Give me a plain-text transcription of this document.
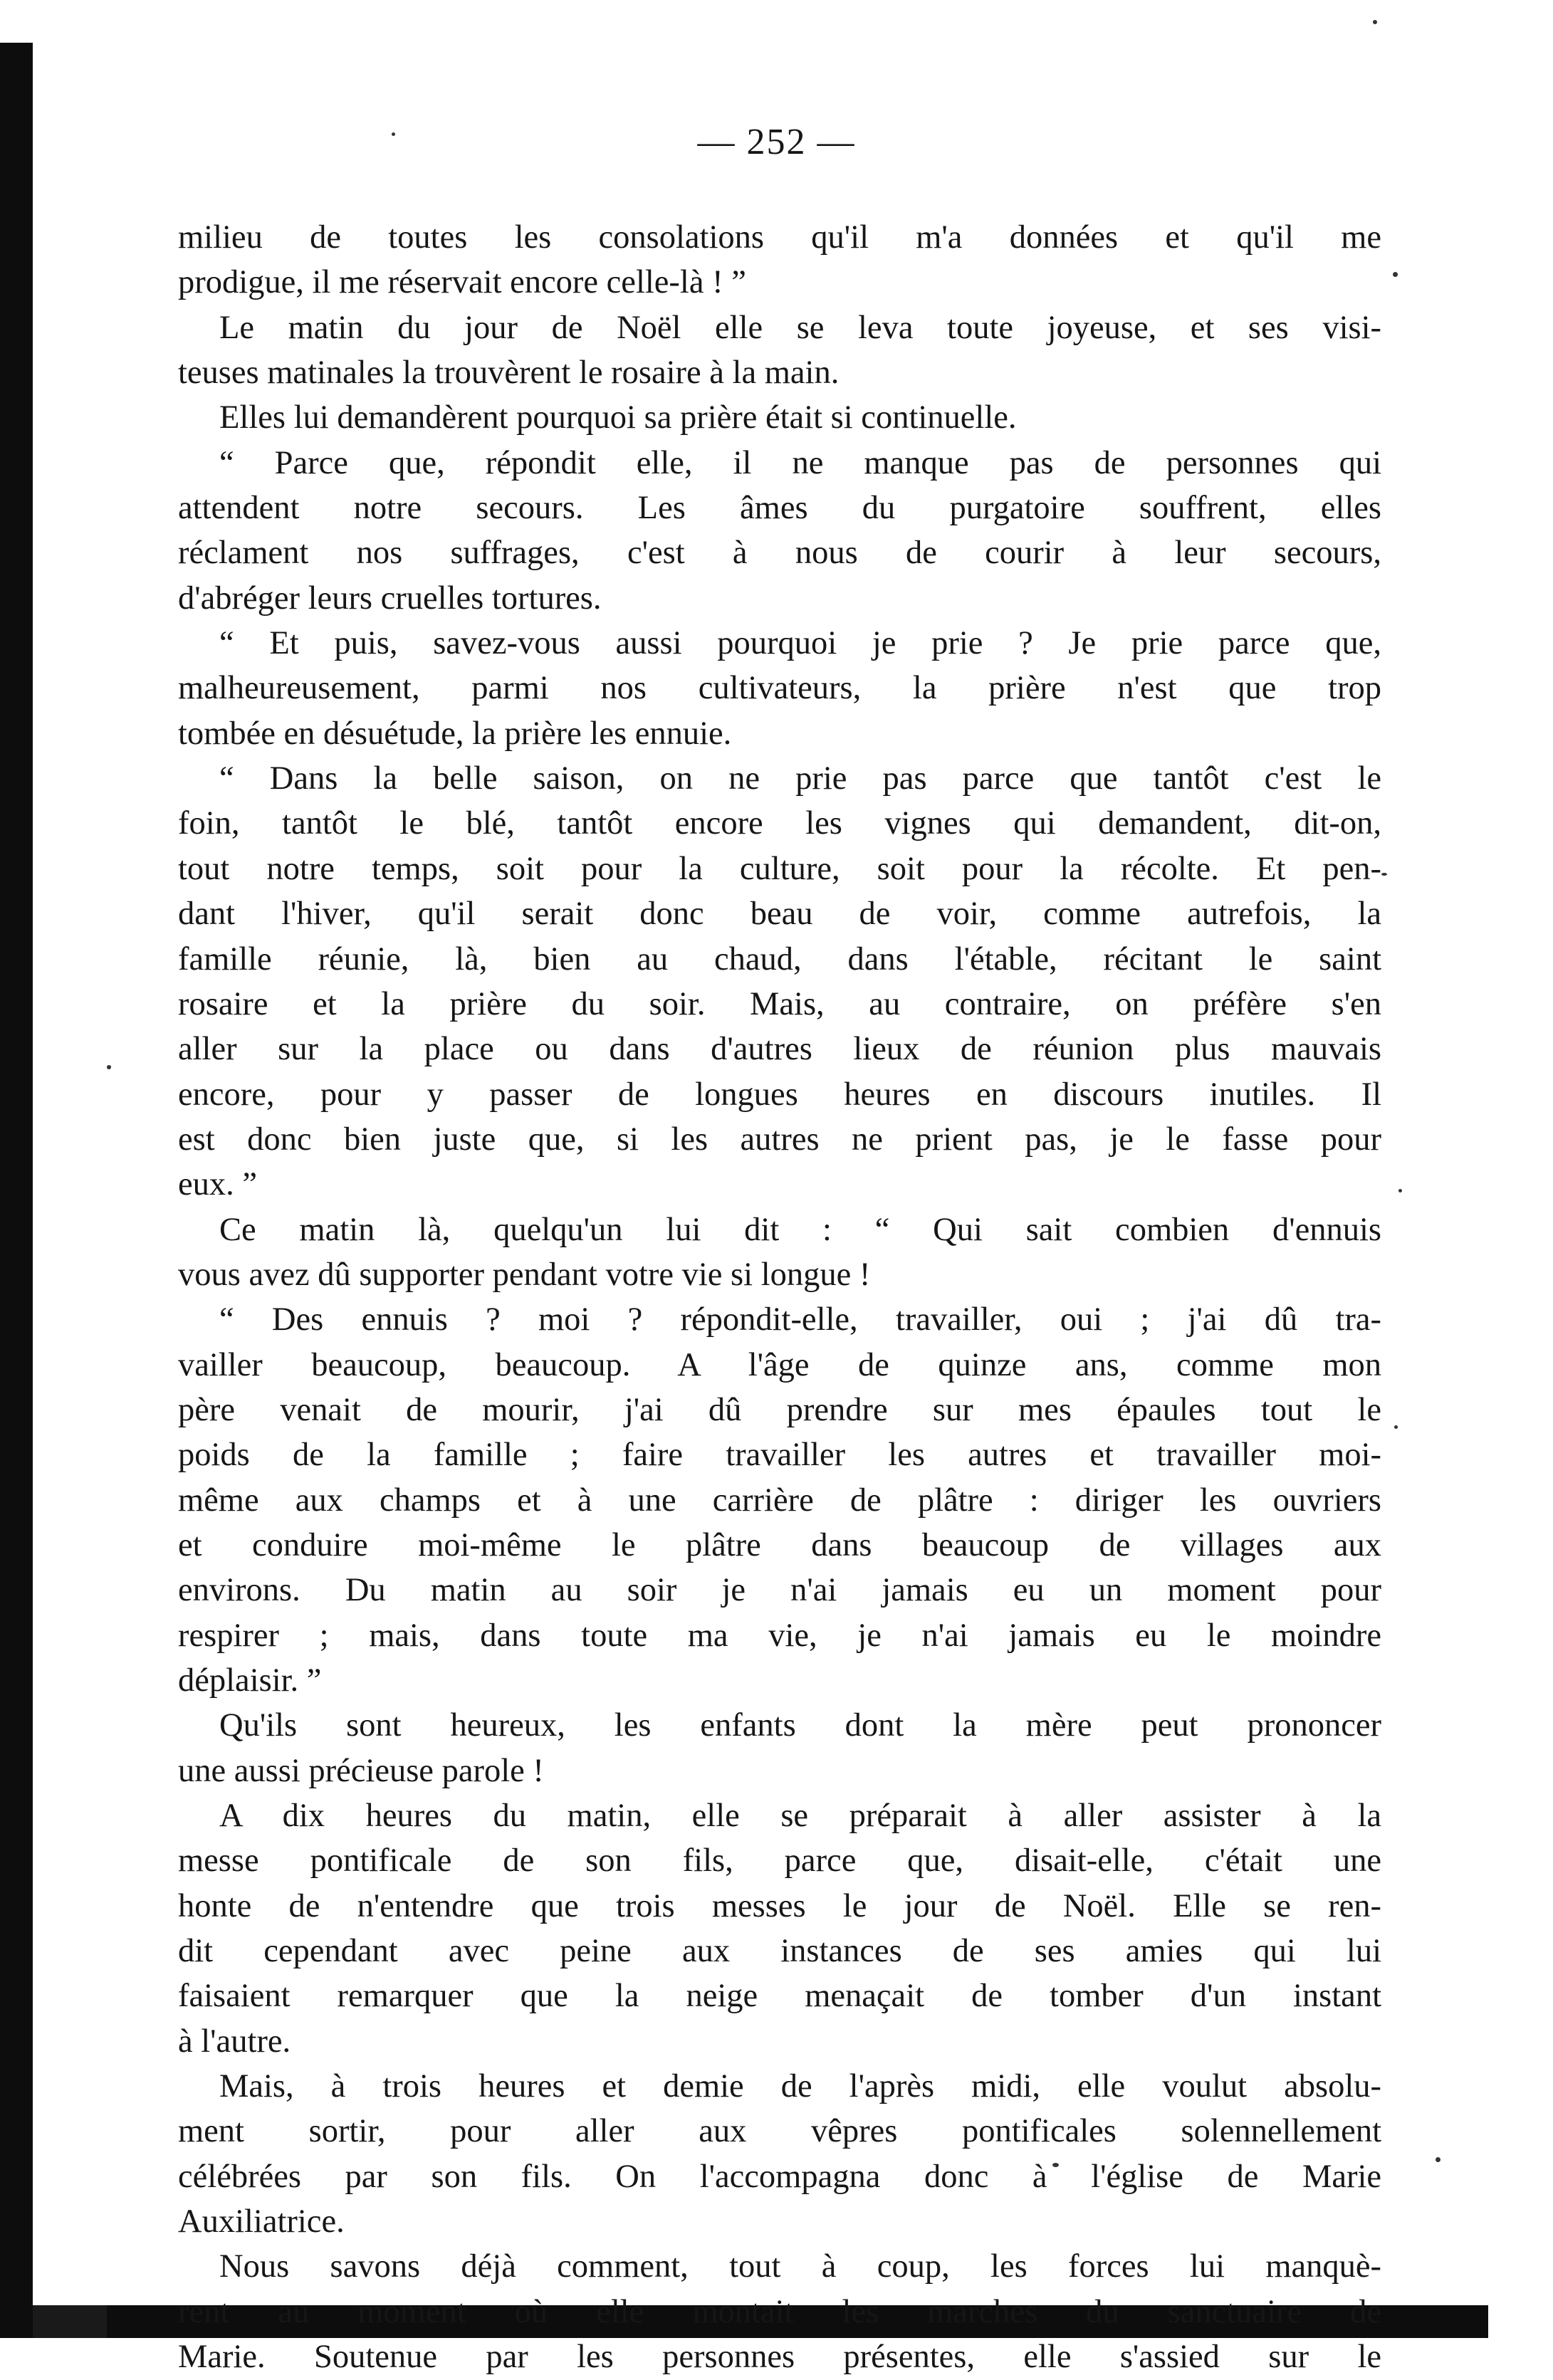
— 252 —
milieu de toutes les consolations qu'il m'a données et qu'il me
prodigue, il me réservait encore celle-là ! ”
Le matin du jour de Noël elle se leva toute joyeuse, et ses visi-
teuses matinales la trouvèrent le rosaire à la main.
Elles lui demandèrent pourquoi sa prière était si continuelle.
“ Parce que, répondit elle, il ne manque pas de personnes qui
attendent notre secours. Les âmes du purgatoire souffrent, elles
réclament nos suffrages, c'est à nous de courir à leur secours,
d'abréger leurs cruelles tortures.
“ Et puis, savez-vous aussi pourquoi je prie ? Je prie parce que,
malheureusement, parmi nos cultivateurs, la prière n'est que trop
tombée en désuétude, la prière les ennuie.
“ Dans la belle saison, on ne prie pas parce que tantôt c'est le
foin, tantôt le blé, tantôt encore les vignes qui demandent, dit-on,
tout notre temps, soit pour la culture, soit pour la récolte. Et pen-
dant l'hiver, qu'il serait donc beau de voir, comme autrefois, la
famille réunie, là, bien au chaud, dans l'étable, récitant le saint
rosaire et la prière du soir. Mais, au contraire, on préfère s'en
aller sur la place ou dans d'autres lieux de réunion plus mauvais
encore, pour y passer de longues heures en discours inutiles. Il
est donc bien juste que, si les autres ne prient pas, je le fasse pour
eux. ”
Ce matin là, quelqu'un lui dit : “ Qui sait combien d'ennuis
vous avez dû supporter pendant votre vie si longue !
“ Des ennuis ? moi ? répondit-elle, travailler, oui ; j'ai dû tra-
vailler beaucoup, beaucoup. A l'âge de quinze ans, comme mon
père venait de mourir, j'ai dû prendre sur mes épaules tout le
poids de la famille ; faire travailler les autres et travailler moi-
même aux champs et à une carrière de plâtre : diriger les ouvriers
et conduire moi-même le plâtre dans beaucoup de villages aux
environs. Du matin au soir je n'ai jamais eu un moment pour
respirer ; mais, dans toute ma vie, je n'ai jamais eu le moindre
déplaisir. ”
Qu'ils sont heureux, les enfants dont la mère peut prononcer
une aussi précieuse parole !
A dix heures du matin, elle se préparait à aller assister à la
messe pontificale de son fils, parce que, disait-elle, c'était une
honte de n'entendre que trois messes le jour de Noël. Elle se ren-
dit cependant avec peine aux instances de ses amies qui lui
faisaient remarquer que la neige menaçait de tomber d'un instant
à l'autre.
Mais, à trois heures et demie de l'après midi, elle voulut absolu-
ment sortir, pour aller aux vêpres pontificales solennellement
célébrées par son fils. On l'accompagna donc à l'église de Marie
Auxiliatrice.
Nous savons déjà comment, tout à coup, les forces lui manquè-
rent au moment où elle montait les marches du sanctuaire de
Marie. Soutenue par les personnes présentes, elle s'assied sur le
